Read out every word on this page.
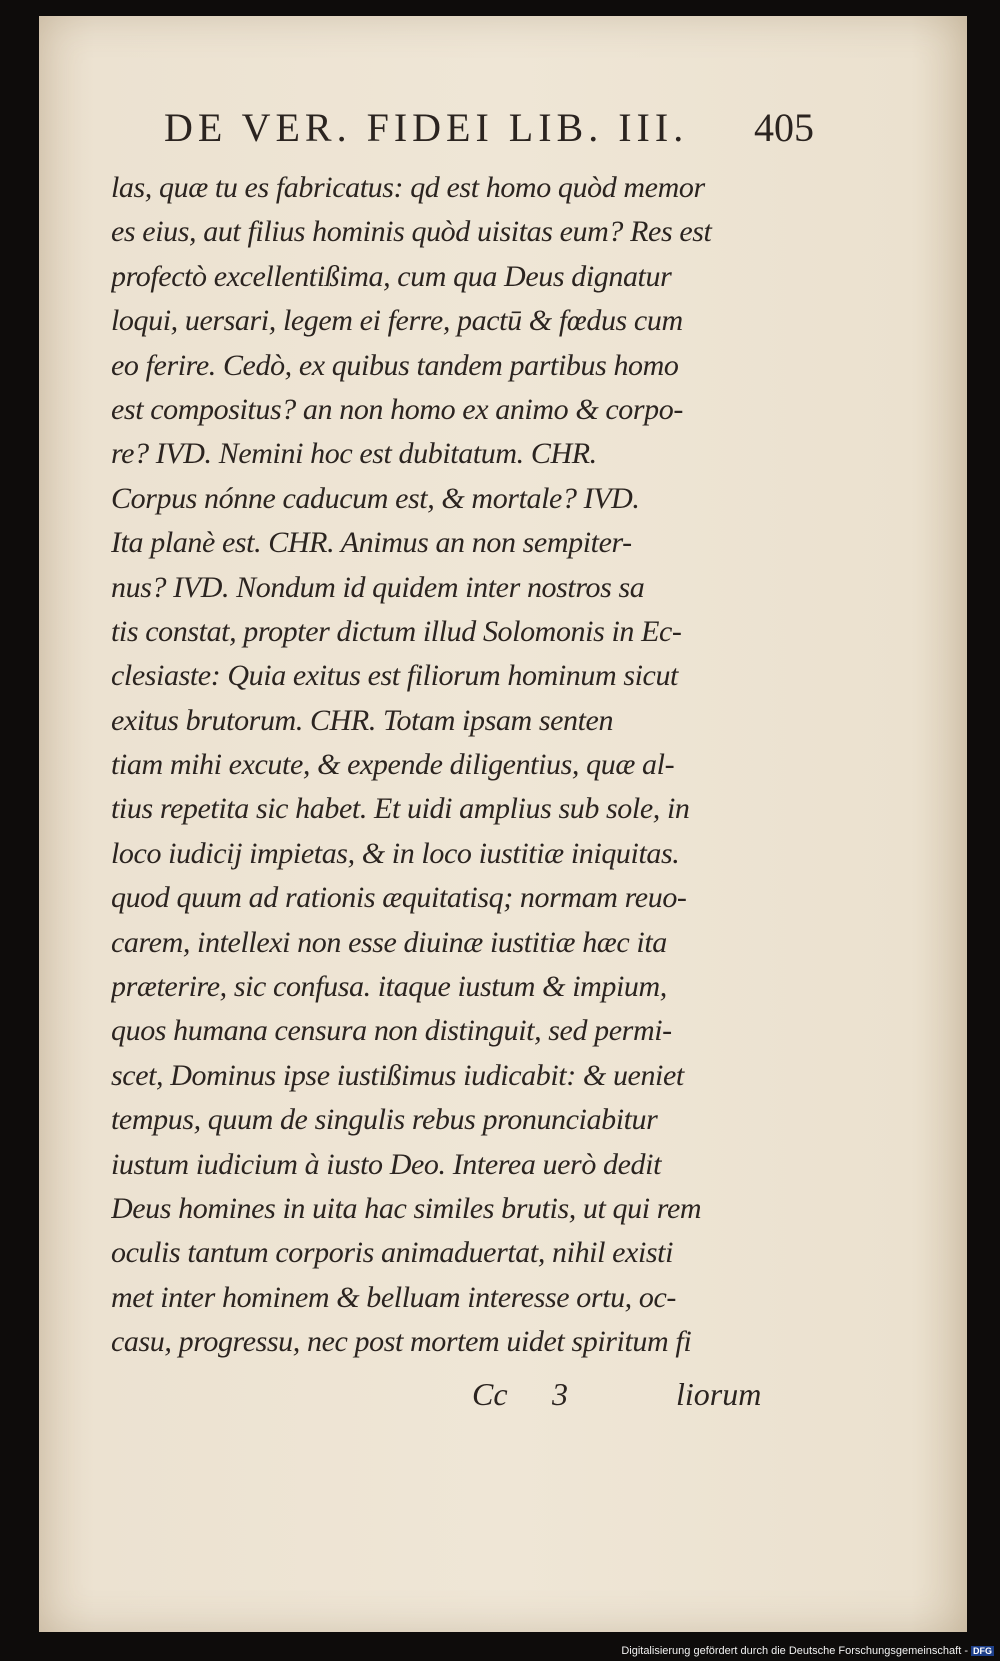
DE VER. FIDEI LIB. III. 405
las, quæ tu es fabricatus: qd est homo quòd memor
es eius, aut filius hominis quòd uisitas eum? Res est
profectò excellentißima, cum qua Deus dignatur
loqui, uersari, legem ei ferre, pactū & fœdus cum
eo ferire. Cedò, ex quibus tandem partibus homo
est compositus? an non homo ex animo & corpo-
re? IVD. Nemini hoc est dubitatum. CHR.
Corpus nónne caducum est, & mortale? IVD.
Ita planè est. CHR. Animus an non sempiter-
nus? IVD. Nondum id quidem inter nostros sa
tis constat, propter dictum illud Solomonis in Ec-
clesiaste: Quia exitus est filiorum hominum sicut
exitus brutorum. CHR. Totam ipsam senten
tiam mihi excute, & expende diligentius, quæ al-
tius repetita sic habet. Et uidi amplius sub sole, in
loco iudicij impietas, & in loco iustitiæ iniquitas.
quod quum ad rationis æquitatisq; normam reuo-
carem, intellexi non esse diuinæ iustitiæ hæc ita
præterire, sic confusa. itaque iustum & impium,
quos humana censura non distinguit, sed permi-
scet, Dominus ipse iustißimus iudicabit: & ueniet
tempus, quum de singulis rebus pronunciabitur
iustum iudicium à iusto Deo. Interea uerò dedit
Deus homines in uita hac similes brutis, ut qui rem
oculis tantum corporis animaduertat, nihil existi
met inter hominem & belluam interesse ortu, oc-
casu, progressu, nec post mortem uidet spiritum fi
Cc 3	liorum
Digitalisierung gefördert durch die Deutsche Forschungsgemeinschaft - DFG
